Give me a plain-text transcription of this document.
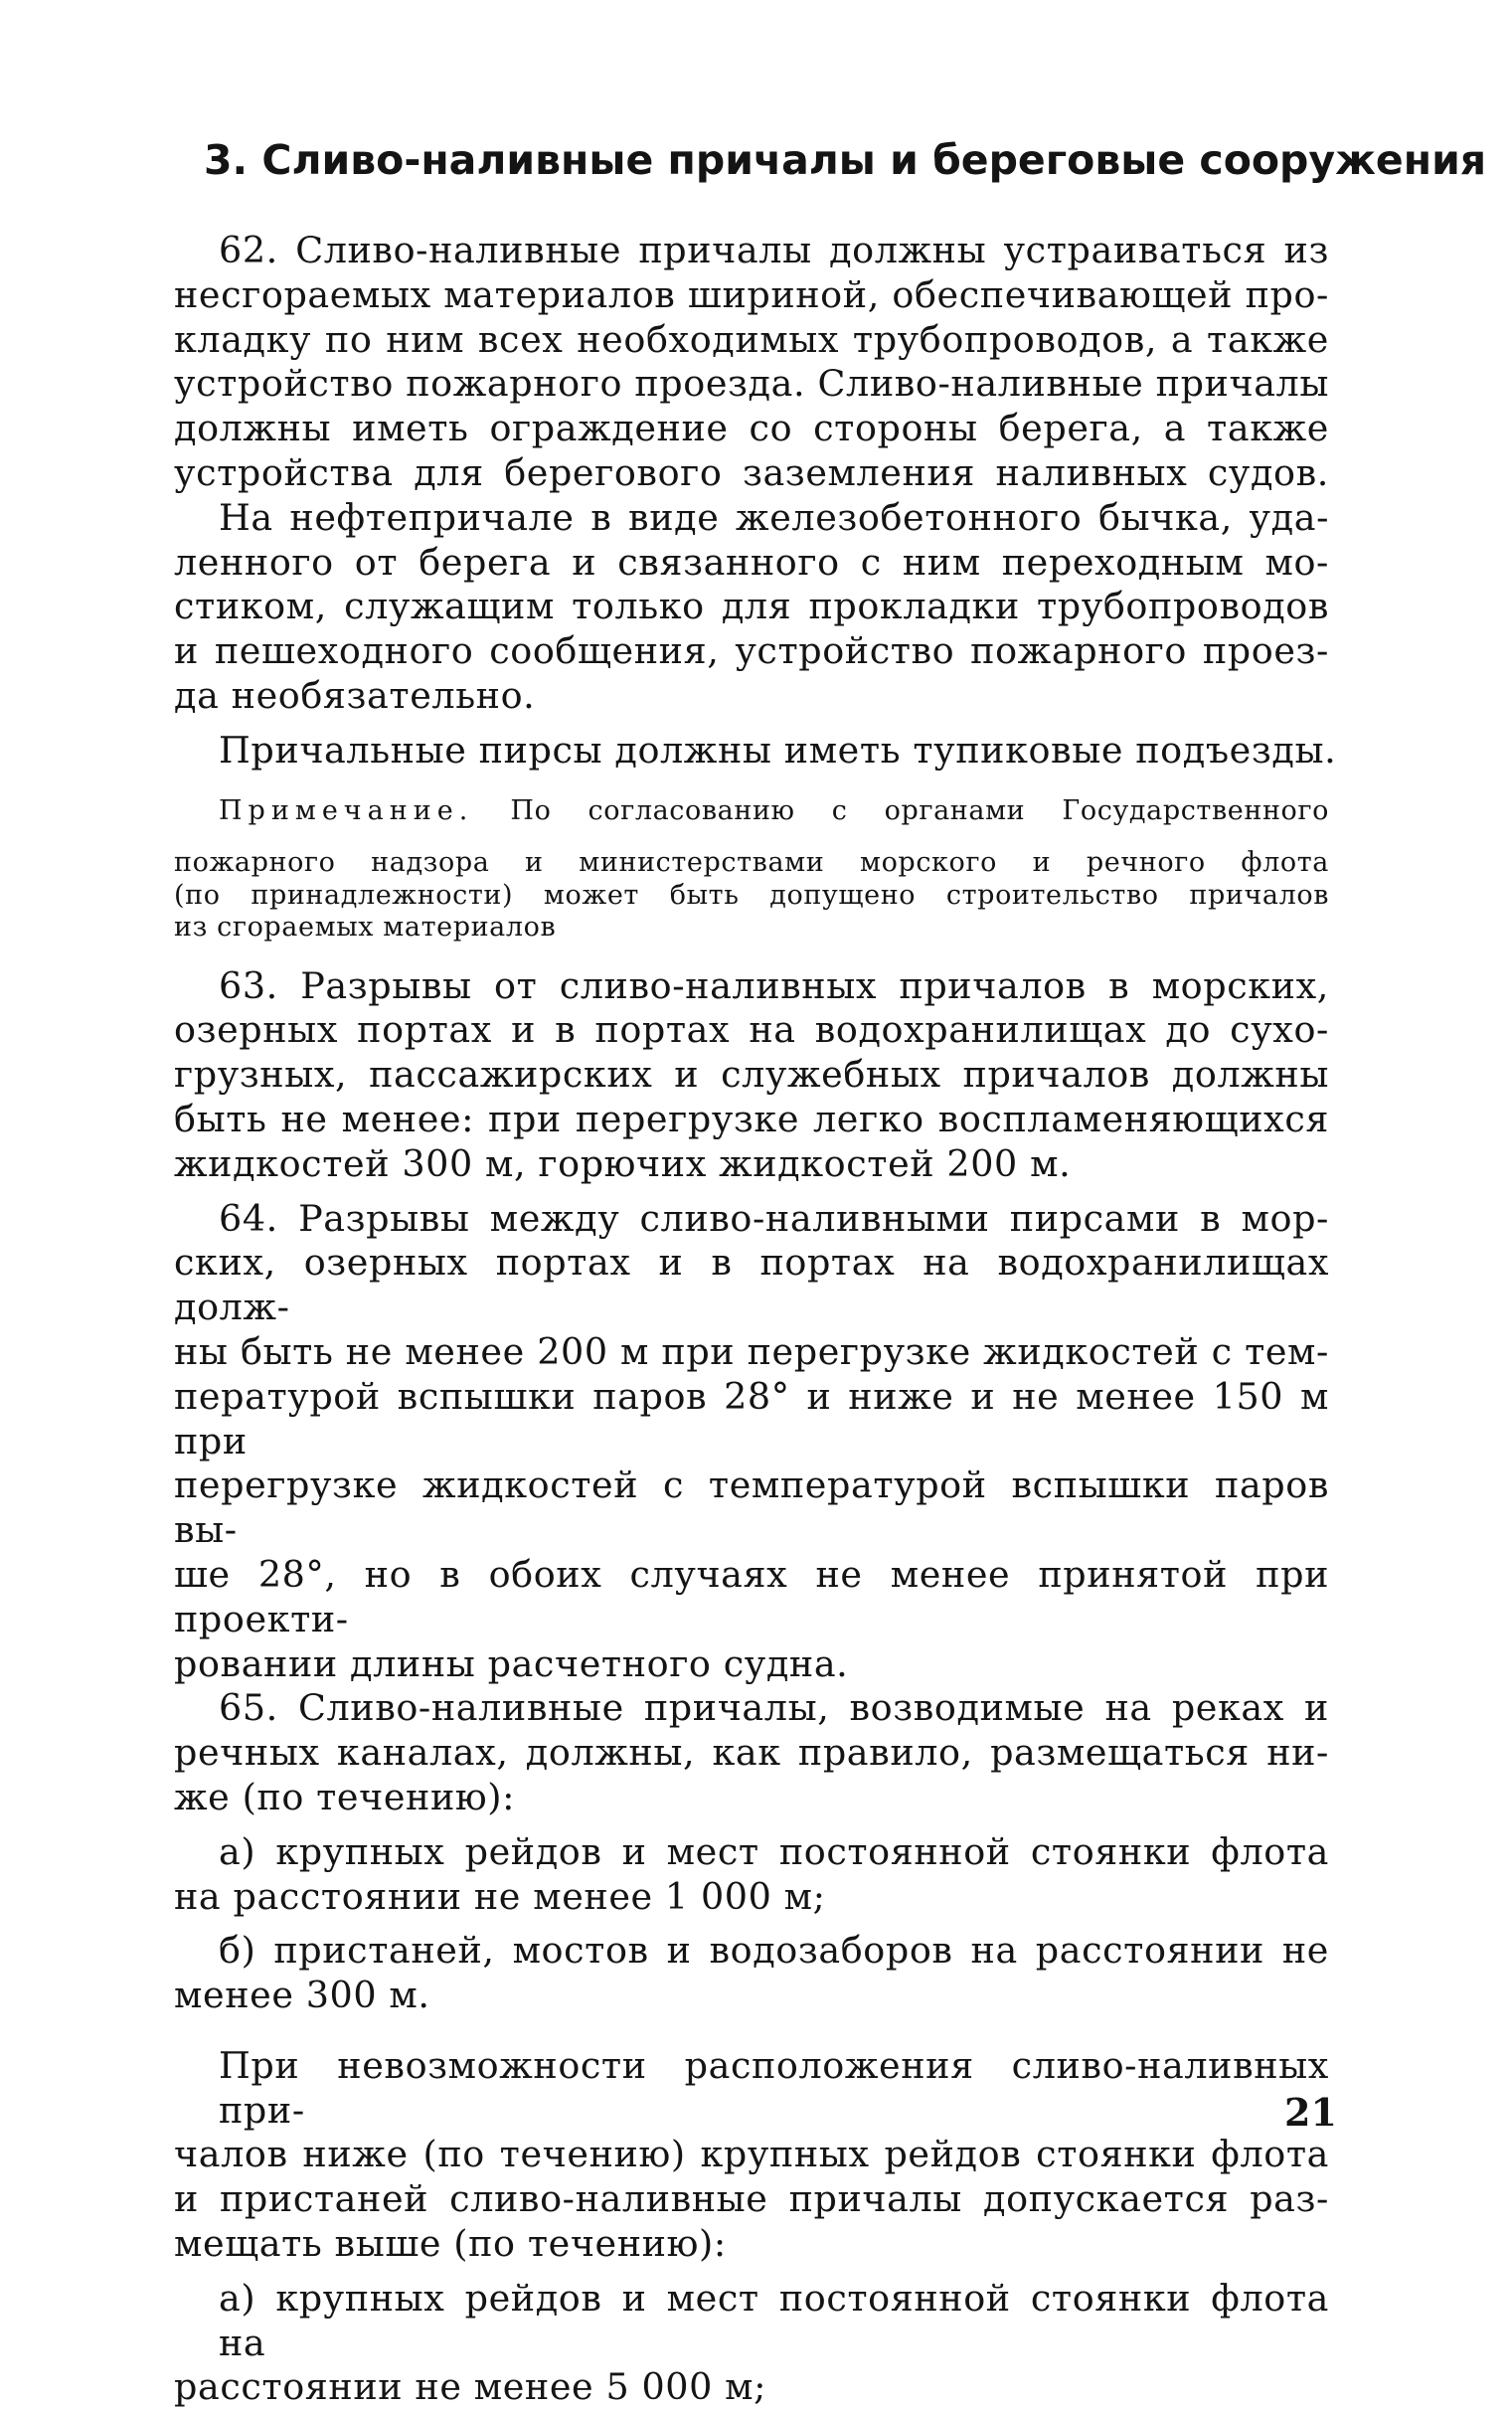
3. Сливо-наливные причалы и береговые сооружения

62. Сливо-наливные причалы должны устраиваться из

несгораемых материалов шириной, обеспечивающей про-
кладку по ним всех необходимых трубопроводов, а также
устройство пожарного проезда. Сливо-наливные причалы
должны иметь ограждение со стороны берега, а также
устройства для берегового заземления наливных судов.

На нефтепричале в виде железобетонного бычка, уда-

ленного от берега и связанного с ним переходным мо-
стиком, служащим только для прокладки трубопроводов
и пешеходного сообщения, устройство пожарного проез-
да необязательно.

Причальные пирсы должны иметь тупиковые подъезды.

Примечание. По согласованию с органами Государственного

пожарного надзора и министерствами морского и речного флота
(по принадлежности) может быть допущено строительство причалов
из сгораемых материалов

63. Разрывы от сливо-наливных причалов в морских,

озерных портах и в портах на водохранилищах до сухо-
грузных, пассажирских и служебных причалов должны
быть не менее: при перегрузке легко воспламеняющихся
жидкостей 300 м, горючих жидкостей 200 м.

64. Разрывы между сливо-наливными пирсами в мор-

ских, озерных портах и в портах на водохранилищах долж-
ны быть не менее 200 м при перегрузке жидкостей с тем-
пературой вспышки паров 28° и ниже и не менее 150 м при
перегрузке жидкостей с температурой вспышки паров вы-
ше 28°, но в обоих случаях не менее принятой при проекти-
ровании длины расчетного судна.

65. Сливо-наливные причалы, возводимые на реках и

речных каналах, должны, как правило, размещаться ни-
же (по течению):

а) крупных рейдов и мест постоянной стоянки флота

на расстоянии не менее 1 000 м;

б) пристаней, мостов и водозаборов на расстоянии не

менее 300 м.

При невозможности расположения сливо-наливных при-

чалов ниже (по течению) крупных рейдов стоянки флота
и пристаней сливо-наливные причалы допускается раз-
мещать выше (по течению):

а) крупных рейдов и мест постоянной стоянки флота на

расстоянии не менее 5 000 м;

21
